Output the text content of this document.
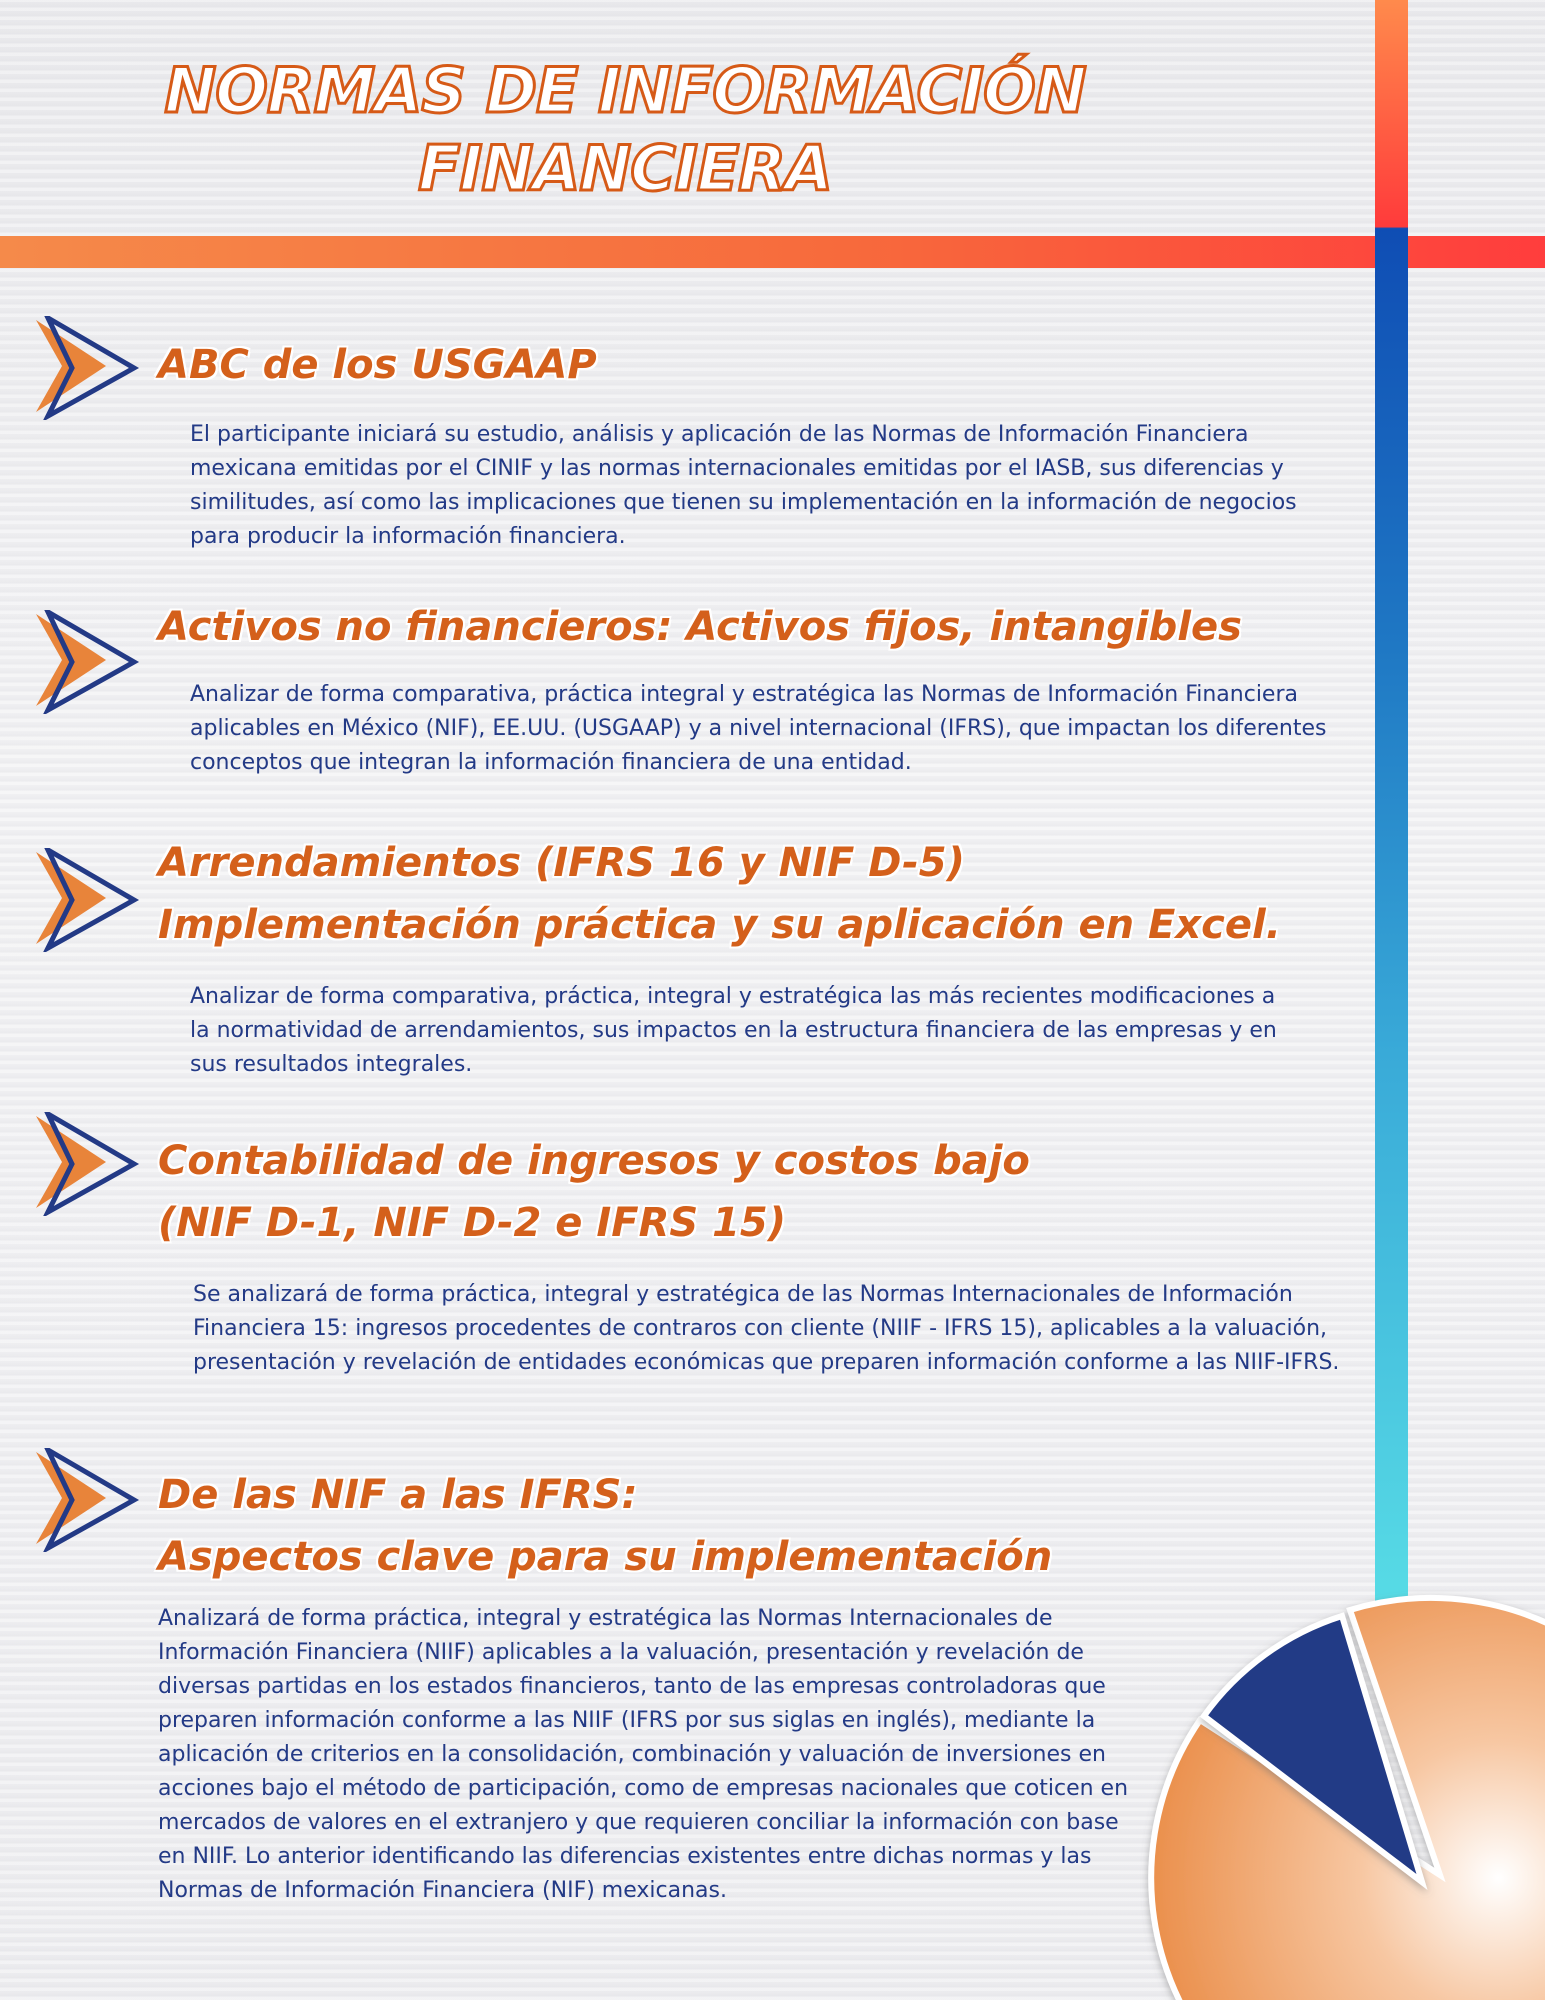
NORMAS DE INFORMACIÓN
FINANCIERA
ABC de los USGAAP
El participante iniciará su estudio, análisis y aplicación de las Normas de Información Financiera mexicana emitidas por el CINIF y las normas internacionales emitidas por el IASB, sus diferencias y similitudes, así como las implicaciones que tienen su implementación en la información de negocios para producir la información financiera.
Activos no financieros: Activos fijos, intangibles
Analizar de forma comparativa, práctica integral y estratégica las Normas de Información Financiera aplicables en México (NIF), EE.UU. (USGAAP) y a nivel internacional (IFRS), que impactan los diferentes conceptos que integran la información financiera de una entidad.
Arrendamientos (IFRS 16 y NIF D-5)
Implementación práctica y su aplicación en Excel.
Analizar de forma comparativa, práctica, integral y estratégica las más recientes modificaciones a la normatividad de arrendamientos, sus impactos en la estructura financiera de las empresas y en sus resultados integrales.
Contabilidad de ingresos y costos bajo
(NIF D-1, NIF D-2 e IFRS 15)
Se analizará de forma práctica, integral y estratégica de las Normas Internacionales de Información Financiera 15: ingresos procedentes de contraros con cliente (NIIF - IFRS 15), aplicables a la valuación, presentación y revelación de entidades económicas que preparen información conforme a las NIIF-IFRS.
De las NIF a las IFRS:
Aspectos clave para su implementación
Analizará de forma práctica, integral y estratégica las Normas Internacionales de Información Financiera (NIIF) aplicables a la valuación, presentación y revelación de diversas partidas en los estados financieros, tanto de las empresas controladoras que preparen información conforme a las NIIF (IFRS por sus siglas en inglés), mediante la aplicación de criterios en la consolidación, combinación y valuación de inversiones en acciones bajo el método de participación, como de empresas nacionales que coticen en mercados de valores en el extranjero y que requieren conciliar la información con base en NIIF. Lo anterior identificando las diferencias existentes entre dichas normas y las Normas de Información Financiera (NIF) mexicanas.
